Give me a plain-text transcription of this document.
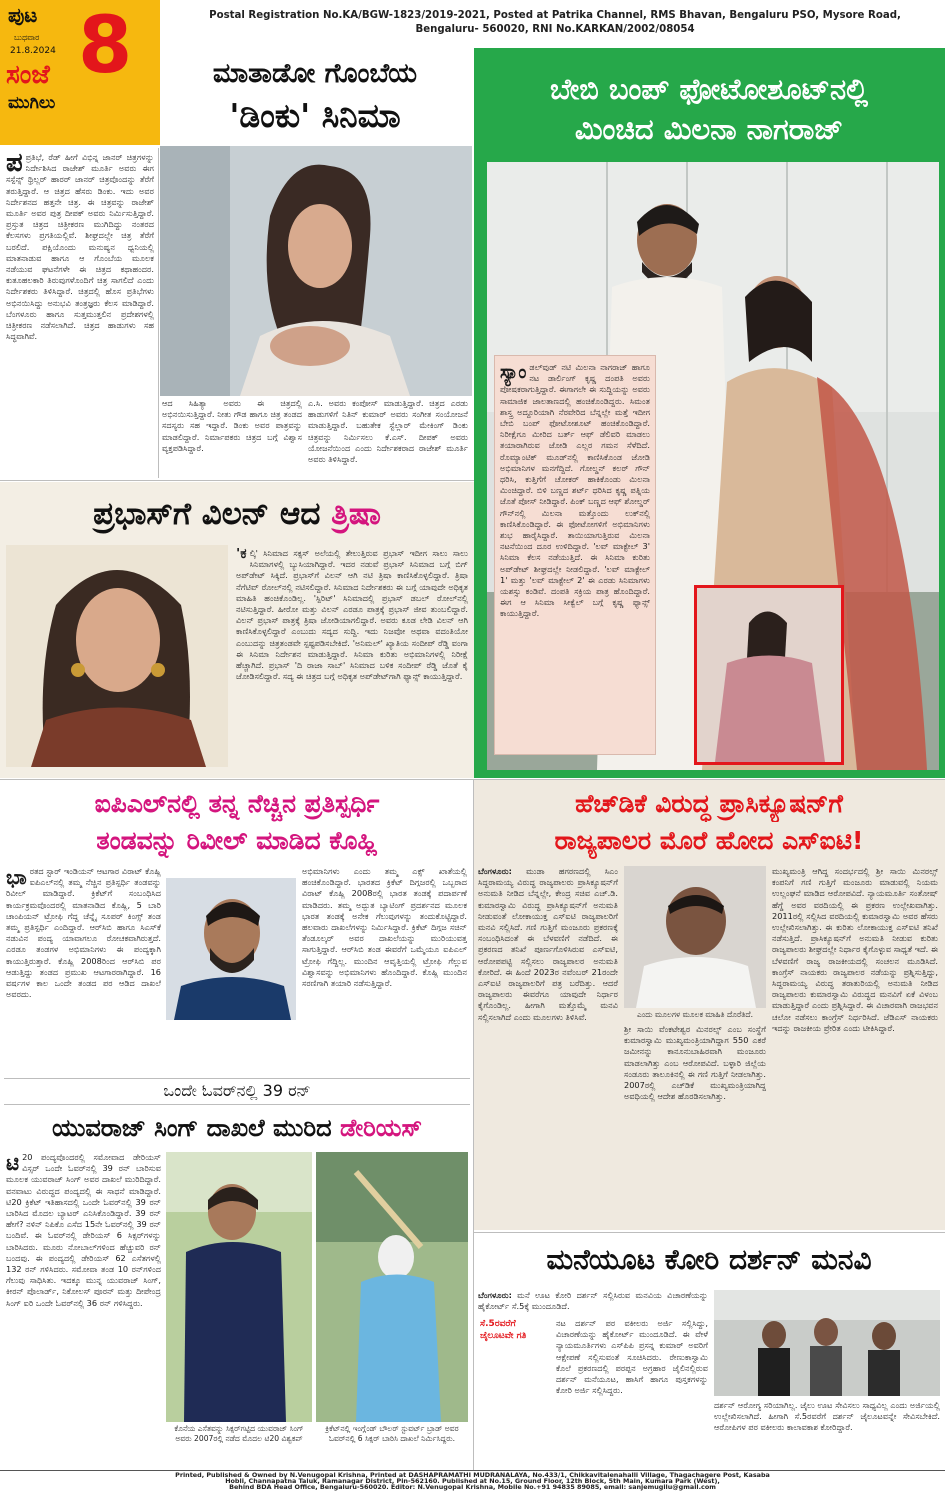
ಪುಟ
ಬುಧವಾರ
21.8.2024 8
ಸಂಜೆ
ಮುಗಿಲು
Postal Registration No.KA/BGW-1823/2019-2021, Posted at Patrika Channel, RMS Bhavan, Bengaluru PSO, Mysore Road,
Bengaluru- 560020, RNI No.KARKAN/2002/08054
ಮಾತಾಡೋ ಗೊಂಬೆಯ
'ಡಿಂಕು' ಸಿನಿಮಾ
ಪ ಪ್ರತಿಭೆ, ರೆಡ್ ಹೀಗೆ ವಿಭಿನ್ನ ಜಾನರ್ ಚಿತ್ರಗಳನ್ನು ನಿರ್ದೇಶಿಸಿದ ರಾಜೇಶ್ ಮೂರ್ತಿ ಅವರು ಈಗ ಸಸ್ಪೆನ್ಸ್ ಥ್ರಿಲ್ಲರ್ ಹಾರರ್ ಜಾನರ್ ಚಿತ್ರವೊಂದನ್ನು ತೆರೆಗೆ ತರುತ್ತಿದ್ದಾರೆ. ಆ ಚಿತ್ರದ ಹೆಸರು ಡಿಂಕು. ಇದು ಅವರ ನಿರ್ದೇಶನದ ಹತ್ತನೇ ಚಿತ್ರ. ಈ ಚಿತ್ರವನ್ನು ರಾಜೇಶ್ ಮೂರ್ತಿ ಅವರ ಪುತ್ರ ದೀಪಕ್ ಅವರು ನಿರ್ಮಿಸುತ್ತಿದ್ದಾರೆ. ಪ್ರಸ್ತುತ ಚಿತ್ರದ ಚಿತ್ರೀಕರಣ ಮುಗಿದಿದ್ದು ನಂತರದ ಕೆಲಸಗಳು ಪ್ರಗತಿಯಲ್ಲಿವೆ. ಶೀಘ್ರದಲ್ಲೇ ಚಿತ್ರ ತೆರೆಗೆ ಬರಲಿದೆ. ಪಕ್ಷಿಯೊಂದು ಮನುಷ್ಯನ ಧ್ವನಿಯಲ್ಲಿ ಮಾತನಾಡುವ ಹಾಗೂ ಆ ಗೊಂಬೆಯ ಮೂಲಕ ನಡೆಯುವ ಘಟನೆಗಳೇ ಈ ಚಿತ್ರದ ಕಥಾಹಂದರ. ಕುತೂಹಲಕಾರಿ ತಿರುವುಗಳೊಂದಿಗೆ ಚಿತ್ರ ಸಾಗಲಿದೆ ಎಂದು ನಿರ್ದೇಶಕರು ತಿಳಿಸಿದ್ದಾರೆ. ಚಿತ್ರದಲ್ಲಿ ಹೊಸ ಪ್ರತಿಭೆಗಳು ಅಭಿನಯಿಸಿದ್ದು ಅನುಭವಿ ತಂತ್ರಜ್ಞರು ಕೆಲಸ ಮಾಡಿದ್ದಾರೆ. ಬೆಂಗಳೂರು ಹಾಗೂ ಸುತ್ತಮುತ್ತಲಿನ ಪ್ರದೇಶಗಳಲ್ಲಿ ಚಿತ್ರೀಕರಣ ನಡೆಸಲಾಗಿದೆ. ಚಿತ್ರದ ಹಾಡುಗಳು ಸಹ ಸಿದ್ಧವಾಗಿವೆ.
ಆದ ಸಿಹಿತ್ಯಾ ಅವರು ಈ ಚಿತ್ರದಲ್ಲಿ ಅಭಿನಯಿಸುತ್ತಿದ್ದಾರೆ. ನೀತು ಗೌಡ ಹಾಗೂ ಚಿತ್ರ ತಂಡದ ಸದಸ್ಯರು ಸಹ ಇದ್ದಾರೆ. ಡಿಂಕು ಅವರ ಪಾತ್ರವನ್ನು ಮಾಡಲಿದ್ದಾರೆ. ನಿರ್ಮಾಪಕರು ಚಿತ್ರದ ಬಗ್ಗೆ ವಿಶ್ವಾಸ ವ್ಯಕ್ತಪಡಿಸಿದ್ದಾರೆ.
ಎ.ಸಿ. ಅವರು ಕಂಪೋಸ್ ಮಾಡುತ್ತಿದ್ದಾರೆ. ಚಿತ್ರದ ಎರಡು ಹಾಡುಗಳಿಗೆ ನಿತಿನ್ ಕುಮಾರ್ ಅವರು ಸಂಗೀತ ಸಂಯೋಜನೆ ಮಾಡುತ್ತಿದ್ದಾರೆ. ಬಹುತೇಕ ಸ್ಟೆಲ್ಲಾರ್ ಮೇಕಿಂಗ್ ಡಿಂಕು ಚಿತ್ರವನ್ನು ನಿರ್ಮಿಸಲು ಕೆ.ಎಸ್. ದೀಪಕ್ ಅವರು ಯೋಜನೆಯಿಂದ ಎಂದು ನಿರ್ದೇಶಕರಾದ ರಾಜೇಶ್ ಮೂರ್ತಿ ಅವರು ತಿಳಿಸಿದ್ದಾರೆ.
ಬೇಬಿ ಬಂಪ್ ಫೋಟೋಶೂಟ್‌ನಲ್ಲಿ
ಮಿಂಚಿದ ಮಿಲನಾ ನಾಗರಾಜ್
ಸ್ಯಾಂ ಡಲ್‌ವುಡ್ ನಟಿ ಮಿಲನಾ ನಾಗರಾಜ್ ಹಾಗೂ ನಟ ಡಾರ್ಲಿಂಗ್ ಕೃಷ್ಣ ದಂಪತಿ ಅವರು ಪೋಷಕರಾಗುತ್ತಿದ್ದಾರೆ. ಈಗಾಗಲೇ ಈ ಸುದ್ದಿಯನ್ನು ಅವರು ಸಾಮಾಜಿಕ ಜಾಲತಾಣದಲ್ಲಿ ಹಂಚಿಕೊಂಡಿದ್ದರು. ಸಿಮಂತ ಶಾಸ್ತ್ರ ಅದ್ದೂರಿಯಾಗಿ ನೆರವೇರಿದ ಬೆನ್ನಲ್ಲೇ ಮತ್ತೆ ಇದೀಗ ಬೇಬಿ ಬಂಪ್ ಫೋಟೋಶೂಟ್ ಹಂಚಿಕೊಂಡಿದ್ದಾರೆ. ನಿರೀಕ್ಷೆಗೂ ಮೀರಿದ ಬರ್ತ್ ಆಫ್ ಡೆಲಿವರಿ ಮಾಡಲು ತಯಾರಾಗಿರುವ ಜೋಡಿ ಎಲ್ಲರ ಗಮನ ಸೆಳೆದಿದೆ. ರೊಮ್ಯಾಂಟಿಕ್ ಮೂಡ್‌ನಲ್ಲಿ ಕಾಣಿಸಿಕೊಂಡ ಜೋಡಿ ಅಭಿಮಾನಿಗಳ ಮನಗೆದ್ದಿದೆ. ಗೋಲ್ಡನ್ ಕಲರ್ ಗೌನ್ ಧರಿಸಿ, ಕುತ್ತಿಗೆಗೆ ಚೋಕರ್ ಹಾಕಿಕೊಂಡು ಮಿಲನಾ ಮಿಂಚಿದ್ದಾರೆ. ಬಿಳಿ ಬಣ್ಣದ ಶರ್ಟ್ ಧರಿಸಿದ ಕೃಷ್ಣ ಪತ್ನಿಯ ಜೊತೆ ಪೋಸ್ ನೀಡಿದ್ದಾರೆ. ಪಿಂಕ್ ಬಣ್ಣದ ಆಫ್ ಶೋಲ್ಡರ್ ಗೌನ್‌ನಲ್ಲಿ ಮಿಲನಾ ಮತ್ತೊಂದು ಲುಕ್‌ನಲ್ಲಿ ಕಾಣಿಸಿಕೊಂಡಿದ್ದಾರೆ. ಈ ಫೋಟೋಗಳಿಗೆ ಅಭಿಮಾನಿಗಳು ಶುಭ ಹಾರೈಸಿದ್ದಾರೆ. ತಾಯಿಯಾಗುತ್ತಿರುವ ಮಿಲನಾ ನಟನೆಯಿಂದ ದೂರ ಉಳಿದಿದ್ದಾರೆ. 'ಲವ್ ಮಾಕ್ಟೇಲ್ 3' ಸಿನಿಮಾ ಕೆಲಸ ನಡೆಯುತ್ತಿದೆ. ಈ ಸಿನಿಮಾ ಕುರಿತು ಅಪ್‌ಡೇಟ್ ಶೀಘ್ರದಲ್ಲೇ ನೀಡಲಿದ್ದಾರೆ. 'ಲವ್ ಮಾಕ್ಟೇಲ್ 1' ಮತ್ತು 'ಲವ್ ಮಾಕ್ಟೇಲ್ 2' ಈ ಎರಡು ಸಿನಿಮಾಗಳು ಯಶಸ್ಸು ಕಂಡಿವೆ. ದಂಪತಿ ಸಕ್ರಿಯ ಪಾತ್ರ ಹೊಂದಿದ್ದಾರೆ. ಈಗ ಆ ಸಿನಿಮಾ ಸೀಕ್ವೆಲ್ ಬಗ್ಗೆ ಕೃಷ್ಣ ಫ್ಯಾನ್ಸ್ ಕಾಯುತ್ತಿದ್ದಾರೆ.
ಪ್ರಭಾಸ್‌ಗೆ ವಿಲನ್ ಆದ ತ್ರಿಷಾ
'ಕ ಲ್ಕಿ' ಸಿನಿಮಾದ ಸಕ್ಸಸ್ ಅಲೆಯಲ್ಲಿ ತೇಲುತ್ತಿರುವ ಪ್ರಭಾಸ್ ಇದೀಗ ಸಾಲು ಸಾಲು ಸಿನಿಮಾಗಳಲ್ಲಿ ಬ್ಯುಸಿಯಾಗಿದ್ದಾರೆ. ಇದರ ನಡುವೆ ಪ್ರಭಾಸ್ ಸಿನಿಮಾದ ಬಗ್ಗೆ ಬಿಗ್ ಅಪ್‌ಡೇಟ್ ಸಿಕ್ಕಿದೆ. ಪ್ರಭಾಸ್‌ಗೆ ವಿಲನ್ ಆಗಿ ನಟಿ ತ್ರಿಷಾ ಕಾಣಿಸಿಕೊಳ್ಳಲಿದ್ದಾರೆ. ತ್ರಿಷಾ ನೆಗೆಟಿವ್ ರೋಲ್‌ನಲ್ಲಿ ನಟಿಸಲಿದ್ದಾರೆ. ಸಿನಿಮಾದ ನಿರ್ದೇಶಕರು ಈ ಬಗ್ಗೆ ಯಾವುದೇ ಅಧಿಕೃತ ಮಾಹಿತಿ ಹಂಚಿಕೊಂಡಿಲ್ಲ. 'ಸ್ಪಿರಿಟ್' ಸಿನಿಮಾದಲ್ಲಿ ಪ್ರಭಾಸ್ ಡಬಲ್ ರೋಲ್‌ನಲ್ಲಿ ನಟಿಸುತ್ತಿದ್ದಾರೆ. ಹೀರೋ ಮತ್ತು ವಿಲನ್ ಎರಡೂ ಪಾತ್ರಕ್ಕೆ ಪ್ರಭಾಸ್ ಜೀವ ತುಂಬಲಿದ್ದಾರೆ. ವಿಲನ್ ಪ್ರಭಾಸ್ ಪಾತ್ರಕ್ಕೆ ತ್ರಿಷಾ ಜೋಡಿಯಾಗಲಿದ್ದಾರೆ. ಅವರು ಕೂಡ ಲೇಡಿ ವಿಲನ್ ಆಗಿ ಕಾಣಿಸಿಕೊಳ್ಳಲಿದ್ದಾರೆ ಎಂಬುದು ಸದ್ಯದ ಸುದ್ದಿ. ಇದು ನಿಜವೋ ಅಥವಾ ವದಂತಿಯೋ ಎಂಬುದನ್ನು ಚಿತ್ರತಂಡವೇ ಸ್ಪಷ್ಟಪಡಿಸಬೇಕಿದೆ. 'ಅನಿಮಲ್' ಖ್ಯಾತಿಯ ಸಂದೀಪ್ ರೆಡ್ಡಿ ವಂಗಾ ಈ ಸಿನಿಮಾ ನಿರ್ದೇಶನ ಮಾಡುತ್ತಿದ್ದಾರೆ. ಸಿನಿಮಾ ಕುರಿತು ಅಭಿಮಾನಿಗಳಲ್ಲಿ ನಿರೀಕ್ಷೆ ಹೆಚ್ಚಾಗಿದೆ. ಪ್ರಭಾಸ್ 'ದಿ ರಾಜಾ ಸಾಬ್' ಸಿನಿಮಾದ ಬಳಿಕ ಸಂದೀಪ್ ರೆಡ್ಡಿ ಜೊತೆ ಕೈ ಜೋಡಿಸಲಿದ್ದಾರೆ. ಸದ್ಯ ಈ ಚಿತ್ರದ ಬಗ್ಗೆ ಅಧಿಕೃತ ಅಪ್‌ಡೇಟ್‌ಗಾಗಿ ಫ್ಯಾನ್ಸ್ ಕಾಯುತ್ತಿದ್ದಾರೆ.
ಐಪಿಎಲ್‌ನಲ್ಲಿ ತನ್ನ ನೆಚ್ಚಿನ ಪ್ರತಿಸ್ಪರ್ಧಿ
ತಂಡವನ್ನು ರಿವೀಲ್ ಮಾಡಿದ ಕೊಹ್ಲಿ
ಭಾ ರತದ ಸ್ಟಾರ್ ಇಂಡಿಯನ್ ಆಟಗಾರ ವಿರಾಟ್ ಕೊಹ್ಲಿ ಐಪಿಎಲ್‌ನಲ್ಲಿ ತಮ್ಮ ನೆಚ್ಚಿನ ಪ್ರತಿಸ್ಪರ್ಧಿ ತಂಡವನ್ನು ರಿವೀಲ್ ಮಾಡಿದ್ದಾರೆ. ಕ್ರಿಕೆಟ್‌ಗೆ ಸಂಬಂಧಿಸಿದ ಕಾರ್ಯಕ್ರಮವೊಂದರಲ್ಲಿ ಮಾತನಾಡಿದ ಕೊಹ್ಲಿ, 5 ಬಾರಿ ಚಾಂಪಿಯನ್ ಟ್ರೋಫಿ ಗೆದ್ದ ಚೆನ್ನೈ ಸೂಪರ್ ಕಿಂಗ್ಸ್ ತಂಡ ತಮ್ಮ ಪ್ರತಿಸ್ಪರ್ಧಿ ಎಂದಿದ್ದಾರೆ. ಆರ್‌ಸಿಬಿ ಹಾಗೂ ಸಿಎಸ್‌ಕೆ ನಡುವಿನ ಪಂದ್ಯ ಯಾವಾಗಲೂ ರೋಚಕವಾಗಿರುತ್ತದೆ. ಎರಡೂ ತಂಡಗಳ ಅಭಿಮಾನಿಗಳು ಈ ಪಂದ್ಯಕ್ಕಾಗಿ ಕಾಯುತ್ತಿರುತ್ತಾರೆ. ಕೊಹ್ಲಿ 2008ರಿಂದ ಆರ್‌ಸಿಬಿ ಪರ ಆಡುತ್ತಿದ್ದು ತಂಡದ ಪ್ರಮುಖ ಆಟಗಾರರಾಗಿದ್ದಾರೆ. 16 ವರ್ಷಗಳ ಕಾಲ ಒಂದೇ ತಂಡದ ಪರ ಆಡಿದ ದಾಖಲೆ ಅವರದು.
ಅಭಿಮಾನಿಗಳು ಎಂದು ತಮ್ಮ ಎಕ್ಸ್ ಖಾತೆಯಲ್ಲಿ ಹಂಚಿಕೊಂಡಿದ್ದಾರೆ. ಭಾರತದ ಕ್ರಿಕೆಟ್ ದಿಗ್ಗಜರಲ್ಲಿ ಒಬ್ಬರಾದ ವಿರಾಟ್ ಕೊಹ್ಲಿ 2008ರಲ್ಲಿ ಭಾರತ ತಂಡಕ್ಕೆ ಪದಾರ್ಪಣೆ ಮಾಡಿದರು. ತಮ್ಮ ಅದ್ಭುತ ಬ್ಯಾಟಿಂಗ್ ಪ್ರದರ್ಶನದ ಮೂಲಕ ಭಾರತ ತಂಡಕ್ಕೆ ಅನೇಕ ಗೆಲುವುಗಳನ್ನು ತಂದುಕೊಟ್ಟಿದ್ದಾರೆ. ಹಲವಾರು ದಾಖಲೆಗಳನ್ನು ನಿರ್ಮಿಸಿದ್ದಾರೆ. ಕ್ರಿಕೆಟ್ ದಿಗ್ಗಜ ಸಚಿನ್ ತೆಂಡೂಲ್ಕರ್ ಅವರ ದಾಖಲೆಯನ್ನು ಮುರಿಯುವತ್ತ ಸಾಗುತ್ತಿದ್ದಾರೆ. ಆರ್‌ಸಿಬಿ ತಂಡ ಈವರೆಗೆ ಒಮ್ಮೆಯೂ ಐಪಿಎಲ್ ಟ್ರೋಫಿ ಗೆದ್ದಿಲ್ಲ. ಮುಂದಿನ ಆವೃತ್ತಿಯಲ್ಲಿ ಟ್ರೋಫಿ ಗೆಲ್ಲುವ ವಿಶ್ವಾಸವನ್ನು ಅಭಿಮಾನಿಗಳು ಹೊಂದಿದ್ದಾರೆ. ಕೊಹ್ಲಿ ಮುಂದಿನ ಸರಣಿಗಾಗಿ ತಯಾರಿ ನಡೆಸುತ್ತಿದ್ದಾರೆ.
ಒಂದೇ ಓವರ್‌ನಲ್ಲಿ 39 ರನ್
ಯುವರಾಜ್ ಸಿಂಗ್ ದಾಖಲೆ ಮುರಿದ ಡೇರಿಯಸ್
ಟಿ 20 ಪಂದ್ಯವೊಂದರಲ್ಲಿ ಸಮೋವಾದ ಡೇರಿಯಸ್ ವಿಸ್ಸರ್ ಒಂದೇ ಓವರ್‌ನಲ್ಲಿ 39 ರನ್ ಬಾರಿಸುವ ಮೂಲಕ ಯುವರಾಜ್ ಸಿಂಗ್ ಅವರ ದಾಖಲೆ ಮುರಿದಿದ್ದಾರೆ. ವನವಾಟು ವಿರುದ್ಧದ ಪಂದ್ಯದಲ್ಲಿ ಈ ಸಾಧನೆ ಮಾಡಿದ್ದಾರೆ. ಟಿ20 ಕ್ರಿಕೆಟ್ ಇತಿಹಾಸದಲ್ಲಿ ಒಂದೇ ಓವರ್‌ನಲ್ಲಿ 39 ರನ್ ಬಾರಿಸಿದ ಮೊದಲ ಬ್ಯಾಟರ್ ಎನಿಸಿಕೊಂಡಿದ್ದಾರೆ. 39 ರನ್ ಹೇಗೆ? ನಳಿನ್ ನಿಪಿಕೊ ಎಸೆದ 15ನೇ ಓವರ್‌ನಲ್ಲಿ 39 ರನ್ ಬಂದಿವೆ. ಈ ಓವರ್‌ನಲ್ಲಿ ಡೇರಿಯಸ್ 6 ಸಿಕ್ಸರ್‌ಗಳನ್ನು ಬಾರಿಸಿದರು. ಮೂರು ನೋಬಾಲ್‌ಗಳಿಂದ ಹೆಚ್ಚುವರಿ ರನ್ ಬಂದವು. ಈ ಪಂದ್ಯದಲ್ಲಿ ಡೇರಿಯಸ್ 62 ಎಸೆತಗಳಲ್ಲಿ 132 ರನ್ ಗಳಿಸಿದರು. ಸಮೋವಾ ತಂಡ 10 ರನ್‌ಗಳಿಂದ ಗೆಲುವು ಸಾಧಿಸಿತು. ಇದಕ್ಕೂ ಮುನ್ನ ಯುವರಾಜ್ ಸಿಂಗ್, ಕೀರನ್ ಪೊಲಾರ್ಡ್, ನಿಕೋಲಸ್ ಪೂರನ್ ಮತ್ತು ದೀಪೇಂದ್ರ ಸಿಂಗ್ ಐರಿ ಒಂದೇ ಓವರ್‌ನಲ್ಲಿ 36 ರನ್ ಗಳಿಸಿದ್ದರು.
ಕೊನೆಯ ಎಸೆತವನ್ನು ಸಿಕ್ಸರ್‌ಗಟ್ಟಿದ ಯುವರಾಜ್ ಸಿಂಗ್‌ ಅವರು 2007ರಲ್ಲಿ ನಡೆದ ಮೊದಲ ಟಿ20 ವಿಶ್ವಕಪ್
ಕ್ರಿಕೆಟ್‌ನಲ್ಲಿ ಇಂಗ್ಲೆಂಡ್ ಬೌಲರ್ ಸ್ಟುವರ್ಟ್ ಬ್ರಾಡ್ ಅವರ ಓವರ್‌ನಲ್ಲಿ 6 ಸಿಕ್ಸರ್ ಬಾರಿಸಿ ದಾಖಲೆ ನಿರ್ಮಿಸಿದ್ದರು.
ಹೆಚ್‌ಡಿಕೆ ವಿರುದ್ಧ ಪ್ರಾಸಿಕ್ಯೂಷನ್‌ಗೆ
ರಾಜ್ಯಪಾಲರ ಮೊರೆ ಹೋದ ಎಸ್‌ಐಟಿ!
ಬೆಂಗಳೂರು: ಮುಡಾ ಹಗರಣದಲ್ಲಿ ಸಿಎಂ ಸಿದ್ದರಾಮಯ್ಯ ವಿರುದ್ಧ ರಾಜ್ಯಪಾಲರು ಪ್ರಾಸಿಕ್ಯೂಷನ್‌ಗೆ ಅನುಮತಿ ನೀಡಿದ ಬೆನ್ನಲ್ಲೇ, ಕೇಂದ್ರ ಸಚಿವ ಎಚ್.ಡಿ. ಕುಮಾರಸ್ವಾಮಿ ವಿರುದ್ಧ ಪ್ರಾಸಿಕ್ಯೂಷನ್‌ಗೆ ಅನುಮತಿ ನೀಡುವಂತೆ ಲೋಕಾಯುಕ್ತ ಎಸ್‌ಐಟಿ ರಾಜ್ಯಪಾಲರಿಗೆ ಮನವಿ ಸಲ್ಲಿಸಿದೆ. ಗಣಿ ಗುತ್ತಿಗೆ ಮಂಜೂರು ಪ್ರಕರಣಕ್ಕೆ ಸಂಬಂಧಿಸಿದಂತೆ ಈ ಬೆಳವಣಿಗೆ ನಡೆದಿದೆ. ಈ ಪ್ರಕರಣದ ತನಿಖೆ ಪೂರ್ಣಗೊಳಿಸಿರುವ ಎಸ್‌ಐಟಿ, ಆರೋಪಪಟ್ಟಿ ಸಲ್ಲಿಸಲು ರಾಜ್ಯಪಾಲರ ಅನುಮತಿ ಕೋರಿದೆ. ಈ ಹಿಂದೆ 2023ರ ನವೆಂಬರ್ 21ರಂದೇ ಎಸ್‌ಐಟಿ ರಾಜ್ಯಪಾಲರಿಗೆ ಪತ್ರ ಬರೆದಿತ್ತು. ಆದರೆ ರಾಜ್ಯಪಾಲರು ಈವರೆಗೂ ಯಾವುದೇ ನಿರ್ಧಾರ ಕೈಗೊಂಡಿಲ್ಲ. ಹೀಗಾಗಿ ಮತ್ತೊಮ್ಮೆ ಮನವಿ ಸಲ್ಲಿಸಲಾಗಿದೆ ಎಂದು ಮೂಲಗಳು ತಿಳಿಸಿವೆ.	ಎಂದು ಮೂಲಗಳ ಮೂಲಕ ಮಾಹಿತಿ ದೊರೆತಿದೆ.
ಶ್ರೀ ಸಾಯಿ ವೆಂಕಟೇಶ್ವರ ಮಿನರಲ್ಸ್ ಎಂಬ ಸಂಸ್ಥೆಗೆ ಕುಮಾರಸ್ವಾಮಿ ಮುಖ್ಯಮಂತ್ರಿಯಾಗಿದ್ದಾಗ 550 ಎಕರೆ ಜಮೀನನ್ನು ಕಾನೂನುಬಾಹಿರವಾಗಿ ಮಂಜೂರು ಮಾಡಲಾಗಿತ್ತು ಎಂಬ ಆರೋಪವಿದೆ. ಬಳ್ಳಾರಿ ಜಿಲ್ಲೆಯ ಸಂಡೂರು ತಾಲೂಕಿನಲ್ಲಿ ಈ ಗಣಿ ಗುತ್ತಿಗೆ ನೀಡಲಾಗಿತ್ತು. 2007ರಲ್ಲಿ ಎಚ್‌ಡಿಕೆ ಮುಖ್ಯಮಂತ್ರಿಯಾಗಿದ್ದ ಅವಧಿಯಲ್ಲಿ ಆದೇಶ ಹೊರಡಿಸಲಾಗಿತ್ತು.
ಮುಖ್ಯಮಂತ್ರಿ ಆಗಿದ್ದ ಸಂದರ್ಭದಲ್ಲಿ ಶ್ರೀ ಸಾಯಿ ಮಿನರಲ್ಸ್ ಕಂಪನಿಗೆ ಗಣಿ ಗುತ್ತಿಗೆ ಮಂಜೂರು ಮಾಡುವಲ್ಲಿ ನಿಯಮ ಉಲ್ಲಂಘನೆ ಮಾಡಿದ ಆರೋಪವಿದೆ. ನ್ಯಾಯಮೂರ್ತಿ ಸಂತೋಷ್ ಹೆಗ್ಡೆ ಅವರ ವರದಿಯಲ್ಲಿ ಈ ಪ್ರಕರಣ ಉಲ್ಲೇಖವಾಗಿತ್ತು. 2011ರಲ್ಲಿ ಸಲ್ಲಿಸಿದ ವರದಿಯಲ್ಲಿ ಕುಮಾರಸ್ವಾಮಿ ಅವರ ಹೆಸರು ಉಲ್ಲೇಖಿಸಲಾಗಿತ್ತು. ಈ ಕುರಿತು ಲೋಕಾಯುಕ್ತ ಎಸ್‌ಐಟಿ ತನಿಖೆ ನಡೆಸುತ್ತಿದೆ. ಪ್ರಾಸಿಕ್ಯೂಷನ್‌ಗೆ ಅನುಮತಿ ನೀಡುವ ಕುರಿತು ರಾಜ್ಯಪಾಲರು ಶೀಘ್ರದಲ್ಲೇ ನಿರ್ಧಾರ ಕೈಗೊಳ್ಳುವ ಸಾಧ್ಯತೆ ಇದೆ. ಈ ಬೆಳವಣಿಗೆ ರಾಜ್ಯ ರಾಜಕೀಯದಲ್ಲಿ ಸಂಚಲನ ಮೂಡಿಸಿದೆ. ಕಾಂಗ್ರೆಸ್ ನಾಯಕರು ರಾಜ್ಯಪಾಲರ ನಡೆಯನ್ನು ಪ್ರಶ್ನಿಸುತ್ತಿದ್ದು, ಸಿದ್ದರಾಮಯ್ಯ ವಿರುದ್ಧ ತರಾತುರಿಯಲ್ಲಿ ಅನುಮತಿ ನೀಡಿದ ರಾಜ್ಯಪಾಲರು ಕುಮಾರಸ್ವಾಮಿ ವಿರುದ್ಧದ ಮನವಿಗೆ ಏಕೆ ವಿಳಂಬ ಮಾಡುತ್ತಿದ್ದಾರೆ ಎಂದು ಪ್ರಶ್ನಿಸಿದ್ದಾರೆ. ಈ ವಿಚಾರವಾಗಿ ರಾಜಭವನ ಚಲೋ ನಡೆಸಲು ಕಾಂಗ್ರೆಸ್ ನಿರ್ಧರಿಸಿದೆ. ಜೆಡಿಎಸ್ ನಾಯಕರು ಇದನ್ನು ರಾಜಕೀಯ ಪ್ರೇರಿತ ಎಂದು ಟೀಕಿಸಿದ್ದಾರೆ.
ಮನೆಯೂಟ ಕೋರಿ ದರ್ಶನ್ ಮನವಿ
ಬೆಂಗಳೂರು: ಮನೆ ಊಟ ಕೋರಿ ದರ್ಶನ್ ಸಲ್ಲಿಸಿರುವ ಮನವಿಯ ವಿಚಾರಣೆಯನ್ನು ಹೈಕೋರ್ಟ್ ಸೆ.5ಕ್ಕೆ ಮುಂದೂಡಿದೆ.
ಸೆ.5ರವರೆಗೆ ಜೈಲೂಟವೇ ಗತಿ
ನಟ ದರ್ಶನ್ ಪರ ವಕೀಲರು ಅರ್ಜಿ ಸಲ್ಲಿಸಿದ್ದು, ವಿಚಾರಣೆಯನ್ನು ಹೈಕೋರ್ಟ್ ಮುಂದೂಡಿದೆ. ಈ ವೇಳೆ ನ್ಯಾಯಮೂರ್ತಿಗಳು ಎಸ್‌ಪಿಪಿ ಪ್ರಸನ್ನ ಕುಮಾರ್ ಅವರಿಗೆ ಆಕ್ಷೇಪಣೆ ಸಲ್ಲಿಸುವಂತೆ ಸೂಚಿಸಿದರು. ರೇಣುಕಾಸ್ವಾಮಿ ಕೊಲೆ ಪ್ರಕರಣದಲ್ಲಿ ಪರಪ್ಪನ ಅಗ್ರಹಾರ ಜೈಲಿನಲ್ಲಿರುವ ದರ್ಶನ್ ಮನೆಯೂಟ, ಹಾಸಿಗೆ ಹಾಗೂ ಪುಸ್ತಕಗಳನ್ನು ಕೋರಿ ಅರ್ಜಿ ಸಲ್ಲಿಸಿದ್ದರು.
ದರ್ಶನ್ ಆರೋಗ್ಯ ಸರಿಯಾಗಿಲ್ಲ. ಜೈಲು ಊಟ ಸೇವಿಸಲು ಸಾಧ್ಯವಿಲ್ಲ ಎಂದು ಅರ್ಜಿಯಲ್ಲಿ ಉಲ್ಲೇಖಿಸಲಾಗಿದೆ. ಹೀಗಾಗಿ ಸೆ.5ರವರೆಗೆ ದರ್ಶನ್ ಜೈಲೂಟವನ್ನೇ ಸೇವಿಸಬೇಕಿದೆ. ಆರೋಪಿಗಳ ಪರ ವಕೀಲರು ಕಾಲಾವಕಾಶ ಕೋರಿದ್ದಾರೆ.
Printed, Published & Owned by N.Venugopal Krishna, Printed at DASHAPRAMATHI MUDRANALAYA, No.433/1, Chikkavitalenahalli Village, Thagachagere Post, Kasaba
Hobli, Channapatna Taluk, Ramanagar District, Pin-562160. Published at No.15, Ground Floor, 12th Block, 5th Main, Kumara Park (West),
Behind BDA Head Office, Bengaluru-560020. Editor: N.Venugopal Krishna, Mobile No.+91 94835 89085, email: sanjemugilu@gmail.com
